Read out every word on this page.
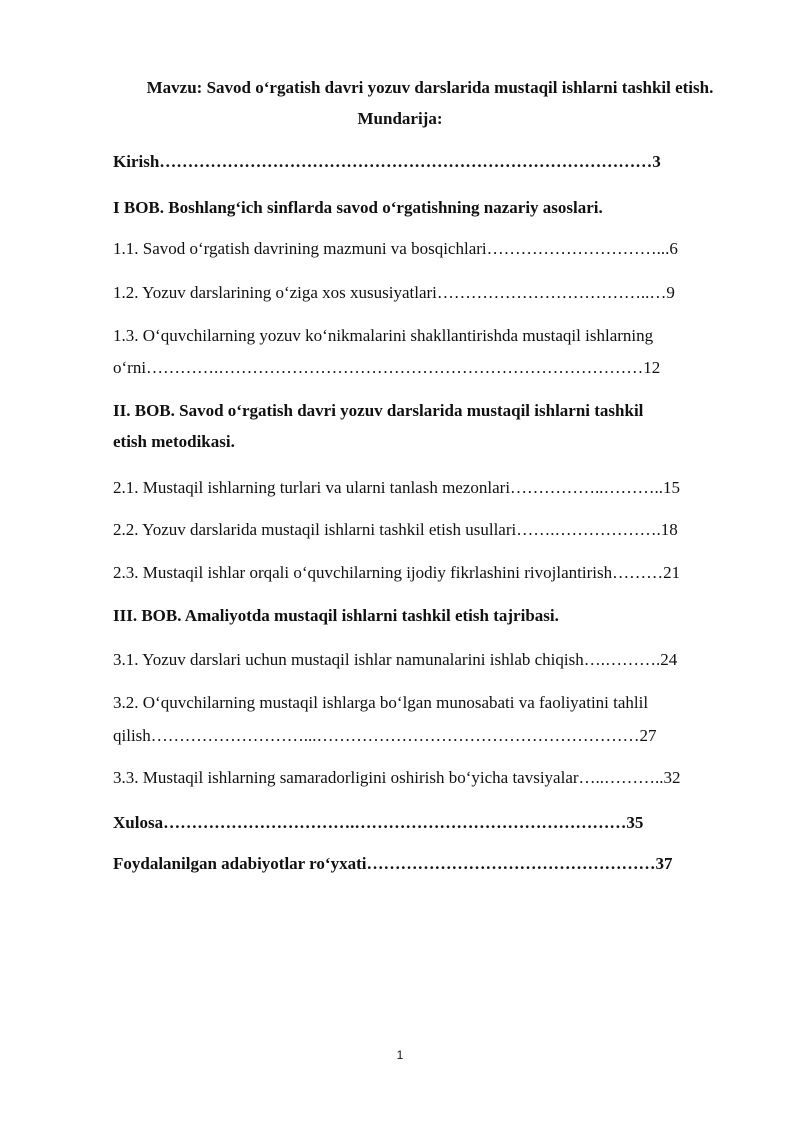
Mavzu: Savod oʻrgatish davri yozuv darslarida mustaqil ishlarni tashkil etish.
Mundarija:
Kirish……………………………………………………………………………3
I BOB. Boshlangʻich sinflarda savod oʻrgatishning nazariy asoslari.
1.1. Savod oʻrgatish davrining mazmuni va bosqichlari…………………………...6
1.2. Yozuv darslarining oʻziga xos xususiyatlari………………………………..…9
1.3. Oʻquvchilarning yozuv koʻnikmalarini shakllantirishda mustaqil ishlarning
oʻrni………….…………………………………………………………………12
II. BOB. Savod oʻrgatish davri yozuv darslarida mustaqil ishlarni tashkil
etish metodikasi.
2.1. Mustaqil ishlarning turlari va ularni tanlash mezonlari……………..………..15
2.2. Yozuv darslarida mustaqil ishlarni tashkil etish usullari…….……………….18
2.3. Mustaqil ishlar orqali oʻquvchilarning ijodiy fikrlashini rivojlantirish………21
III. BOB. Amaliyotda mustaqil ishlarni tashkil etish tajribasi.
3.1. Yozuv darslari uchun mustaqil ishlar namunalarini ishlab chiqish….……….24
3.2. Oʻquvchilarning mustaqil ishlarga boʻlgan munosabati va faoliyatini tahlil
qilish………………………...…………………………………………………27
3.3. Mustaqil ishlarning samaradorligini oshirish boʻyicha tavsiyalar…..………..32
Xulosa…………………………….…………………………………………35
Foydalanilgan adabiyotlar roʻyxati……………………………………………37
1
